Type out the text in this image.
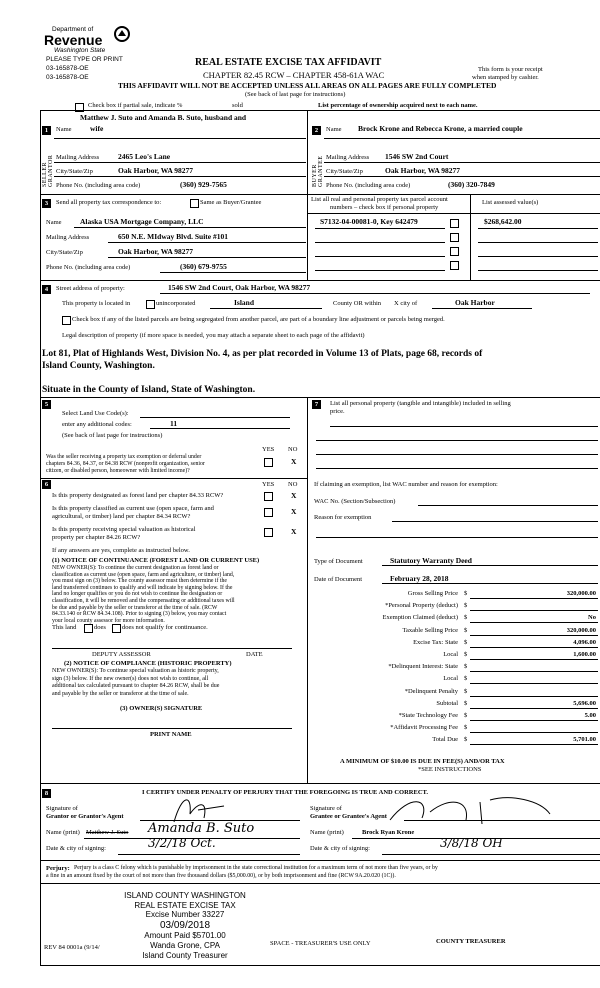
Department of
Revenue
Washington State
PLEASE TYPE OR PRINT
03-165878-OE
03-165878-OE
REAL ESTATE EXCISE TAX AFFIDAVIT
CHAPTER 82.45 RCW – CHAPTER 458-61A WAC
This form is your receipt
when stamped by cashier.
THIS AFFIDAVIT WILL NOT BE ACCEPTED UNLESS ALL AREAS ON ALL PAGES ARE FULLY COMPLETED
(See back of last page for instructions)
Check box if partial sale, indicate %	sold	List percentage of ownership acquired next to each name.
1
SELLER GRANTOR
Name
Matthew J. Suto and Amanda B. Suto, husband and
wife
Mailing Address	2465 Leo's Lane
City/State/Zip	Oak Harbor, WA 98277
Phone No. (including area code)	(360) 929-7565
2
BUYER GRANTEE
Name Brock Krone and Rebecca Krone, a married couple
Mailing Address 1546 SW 2nd Court
City/State/Zip	Oak Harbor, WA 98277
Phone No. (including area code)	(360) 320-7849
3	Send all property tax correspondence to:	Same as Buyer/Grantee	List all real and personal property tax parcel account
numbers – check box if personal property
List assessed value(s)
Name Alaska USA Mortgage Company, LLC
Mailing Address	650 N.E. MIdway Blvd. Suite #101
City/State/Zip	Oak Harbor, WA 98277
Phone No. (including area code)	(360) 679-9755
S7132-04-00081-0, Key 642479	$268,642.00
4	Street address of property:	1546 SW 2nd Court, Oak Harbor, WA 98277
This property is located in	unincorporated	Island	County OR within X city of	Oak Harbor
Check box if any of the listed parcels are being segregated from another parcel, are part of a boundary line adjustment or parcels being merged.
Legal description of property (if more space is needed, you may attach a separate sheet to each page of the affidavit)
Lot 81, Plat of Highlands West, Division No. 4, as per plat recorded in Volume 13 of Plats, page 68, records of
Island County, Washington.
Situate in the County of Island, State of Washington.
5
Select Land Use Code(s):
enter any additional codes:	11
(See back of last page for instructions)
YES NO
Was the seller receiving a property tax exemption or deferral under
chapters 84.36, 84.37, or 84.38 RCW (nonprofit organization, senior
citizen, or disabled person, homeowner with limited income)?
X
6	YES NO
Is this property designated as forest land per chapter 84.33 RCW?	X
Is this property classified as current use (open space, farm and
agricultural, or timber) land per chapter 84.34 RCW?
X
Is this property receiving special valuation as historical
property per chapter 84.26 RCW?
X
If any answers are yes, complete as instructed below.
(1) NOTICE OF CONTINUANCE (FOREST LAND OR CURRENT USE)
NEW OWNER(S): To continue the current designation as forest land or
classification as current use (open space, farm and agriculture, or timber) land,
you must sign on (3) below. The county assessor must then determine if the
land transferred continues to qualify and will indicate by signing below. If the
land no longer qualifies or you do not wish to continue the designation or
classification, it will be removed and the compensating or additional taxes will
be due and payable by the seller or transferor at the time of sale. (RCW
84.33.140 or RCW 84.34.108). Prior to signing (3) below, you may contact
your local county assessor for more information.
This land	does does not qualify for continuance.
DEPUTY ASSESSOR	DATE
(2) NOTICE OF COMPLIANCE (HISTORIC PROPERTY)
NEW OWNER(S): To continue special valuation as historic property,
sign (3) below. If the new owner(s) does not wish to continue, all
additional tax calculated pursuant to chapter 84.26 RCW, shall be due
and payable by the seller or transferor at the time of sale.
(3) OWNER(S) SIGNATURE
PRINT NAME
7	List all personal property (tangible and intangible) included in selling
price.
If claiming an exemption, list WAC number and reason for exemption:
WAC No. (Section/Subsection)
Reason for exemption
Type of Document	Statutory Warranty Deed
Date of Document	February 28, 2018
Gross Selling Price $	320,000.00
*Personal Property (deduct) $
Exemption Claimed (deduct) $	No
Taxable Selling Price $	320,000.00
Excise Tax: State $	4,096.00
Local $	1,600.00
*Delinquent Interest: State $
Local $
*Delinquent Penalty $
Subtotal $	5,696.00
*State Technology Fee $	5.00
*Affidavit Processing Fee $
Total Due $	5,701.00
A MINIMUM OF $10.00 IS DUE IN FEE(S) AND/OR TAX
*SEE INSTRUCTIONS
8	I CERTIFY UNDER PENALTY OF PERJURY THAT THE FOREGOING IS TRUE AND CORRECT.
Signature of
Grantor or Grantor's Agent
Signature of
Grantee or Grantee's Agent
Name (print) Matthew J. Suto Amanda B. Suto	Name (print)	Brock Ryan Krone
Date & city of signing:	3/2/18 Oct.	Date & city of signing:	3/8/18 OH
Perjury: Perjury is a class C felony which is punishable by imprisonment in the state correctional institution for a maximum term of not more than five years, or by
a fine in an amount fixed by the court of not more than five thousand dollars ($5,000.00), or by both imprisonment and fine (RCW 9A.20.020 (1C)).
ISLAND COUNTY WASHINGTON
REAL ESTATE EXCISE TAX
Excise Number 33227
03/09/2018
Amount Paid $5701.00
Wanda Grone, CPA
Island County Treasurer
REV 84 0001a (9/14/
SPACE - TREASURER'S USE ONLY	COUNTY TREASURER
